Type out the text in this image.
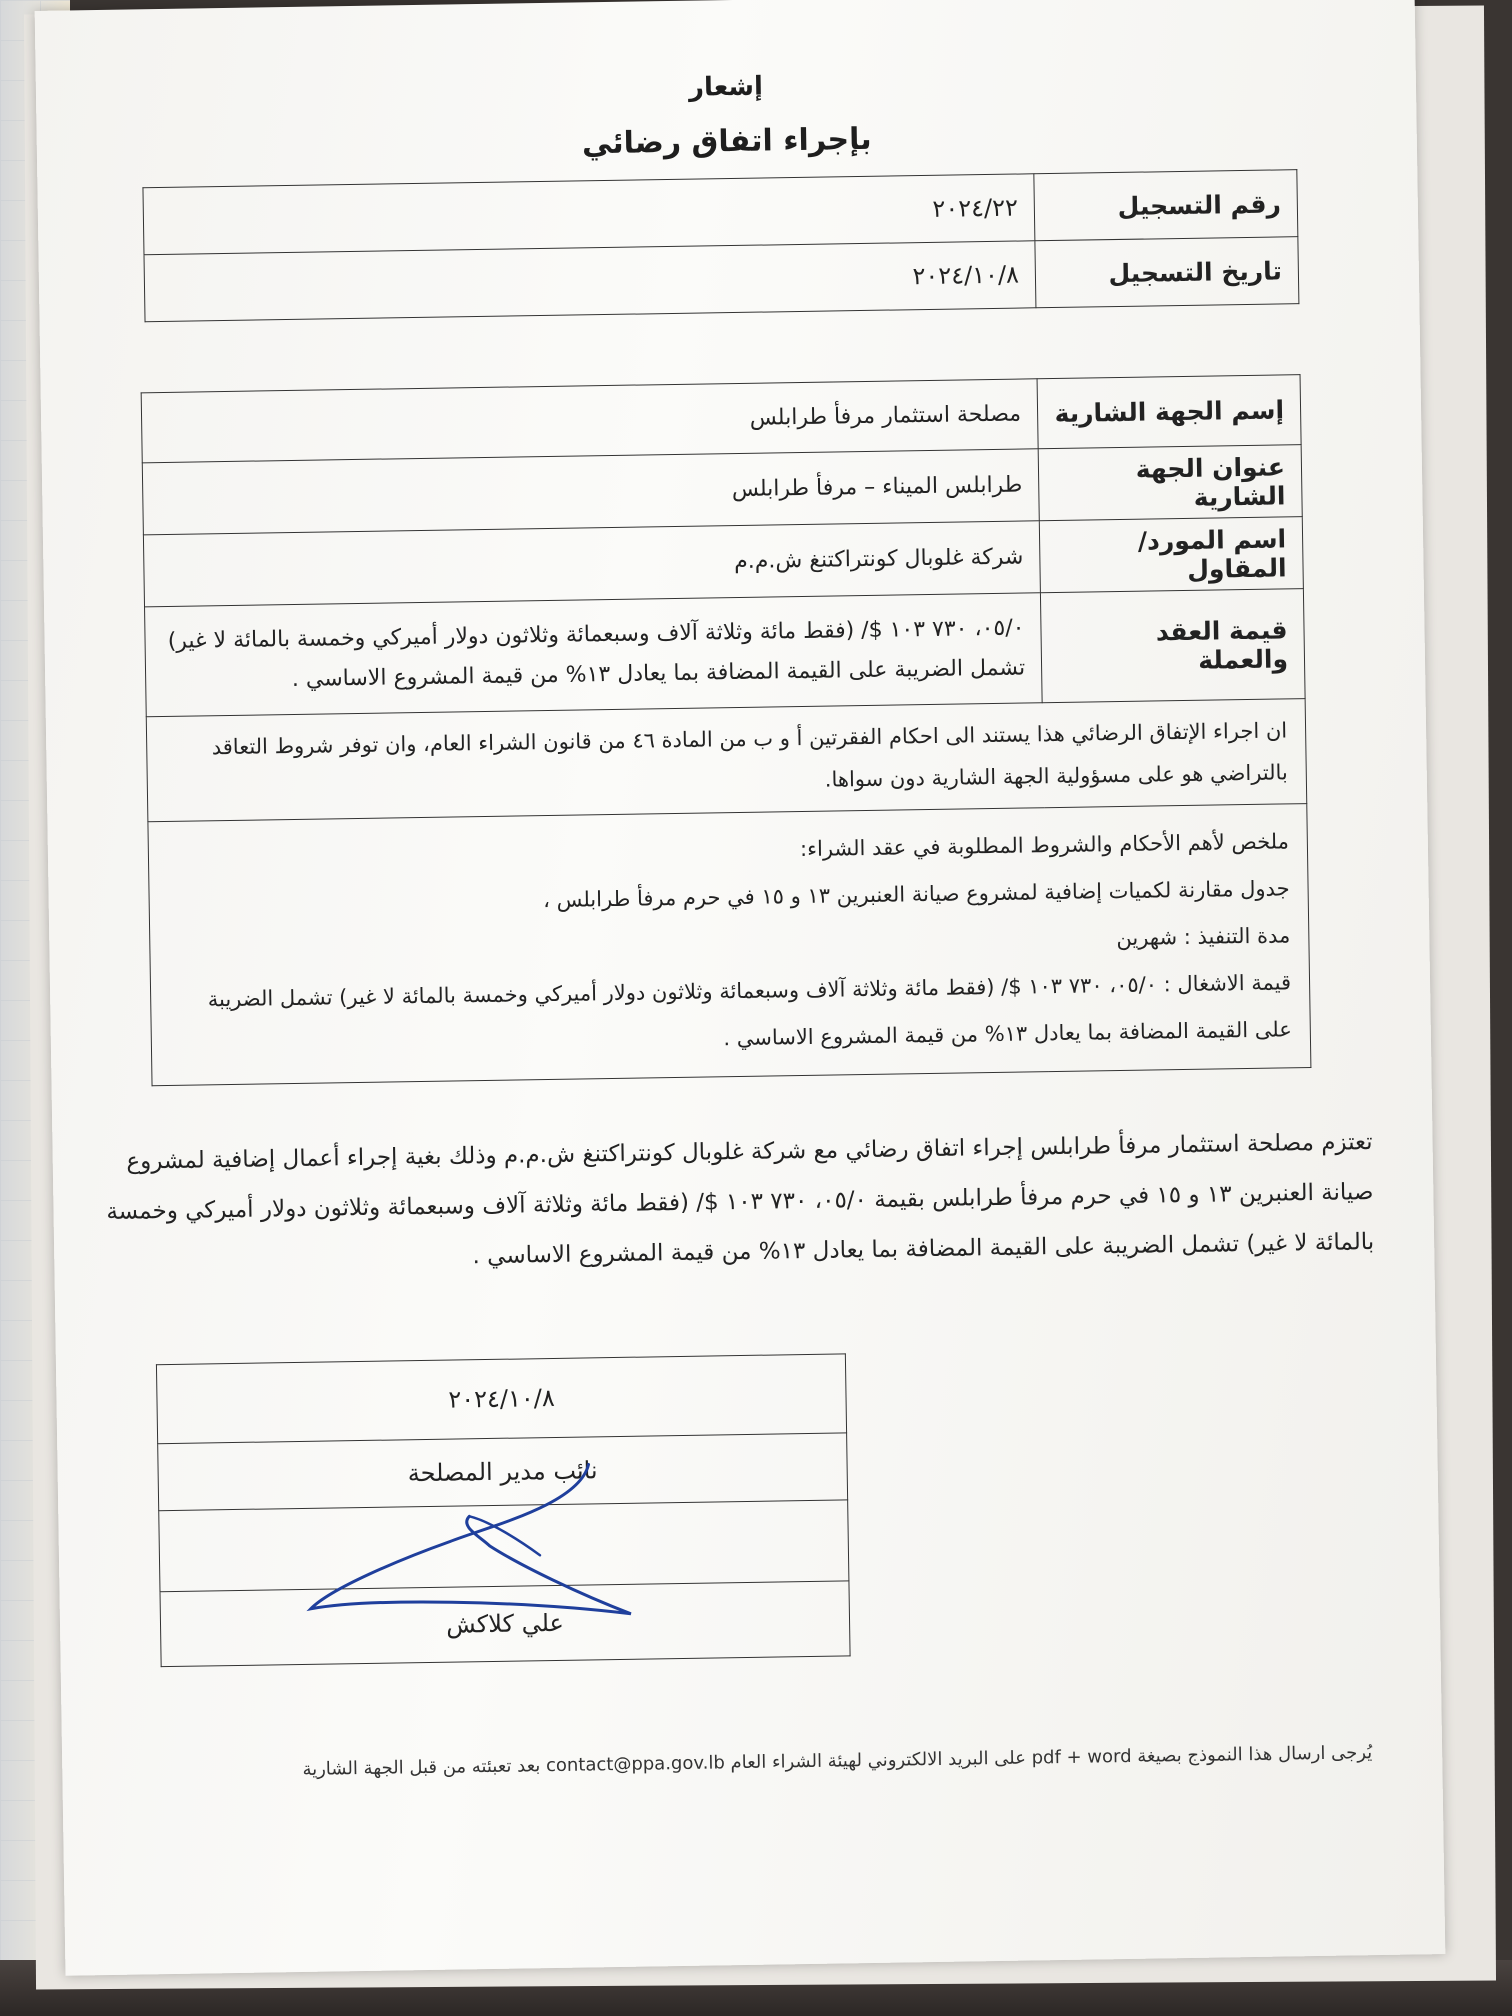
إشعار
بإجراء اتفاق رضائي
رقم التسجيل	٢٠٢٤/٢٢
تاريخ التسجيل	٢٠٢٤/١٠/٨
إسم الجهة الشارية	مصلحة استثمار مرفأ طرابلس
عنوان الجهة الشارية	طرابلس الميناء – مرفأ طرابلس
اسم المورد/المقاول	شركة غلوبال كونتراكتنغ ش.م.م
قيمة العقد والعملة	٠٥/٠، ٧٣٠ ١٠٣ $/ (فقط مائة وثلاثة آلاف وسبعمائة وثلاثون دولار أميركي وخمسة بالمائة لا غير)
تشمل الضريبة على القيمة المضافة بما يعادل ١٣% من قيمة المشروع الاساسي .

ان اجراء الإتفاق الرضائي هذا يستند الى احكام الفقرتين أ و ب من المادة ٤٦ من قانون الشراء العام، وان توفر شروط التعاقد
بالتراضي هو على مسؤولية الجهة الشارية دون سواها.	

ملخص لأهم الأحكام والشروط المطلوبة في عقد الشراء:
جدول مقارنة لكميات إضافية لمشروع صيانة العنبرين ١٣ و ١٥ في حرم مرفأ طرابلس ،
مدة التنفيذ : شهرين
قيمة الاشغال : ٠٥/٠، ٧٣٠ ١٠٣ $/ (فقط مائة وثلاثة آلاف وسبعمائة وثلاثون دولار أميركي وخمسة بالمائة لا غير) تشمل الضريبة
على القيمة المضافة بما يعادل ١٣% من قيمة المشروع الاساسي .	
تعتزم مصلحة استثمار مرفأ طرابلس إجراء اتفاق رضائي مع شركة غلوبال كونتراكتنغ ش.م.م وذلك بغية إجراء أعمال إضافية لمشروع
صيانة العنبرين ١٣ و ١٥ في حرم مرفأ طرابلس بقيمة ٠٥/٠، ٧٣٠ ١٠٣ $/ (فقط مائة وثلاثة آلاف وسبعمائة وثلاثون دولار أميركي وخمسة
بالمائة لا غير) تشمل الضريبة على القيمة المضافة بما يعادل ١٣% من قيمة المشروع الاساسي .
٢٠٢٤/١٠/٨
نائب مدير المصلحة

علي كلاكش
يُرجى ارسال هذا النموذج بصيغة pdf + word على البريد الالكتروني لهيئة الشراء العام contact@ppa.gov.lb بعد تعبئته من قبل الجهة الشارية
